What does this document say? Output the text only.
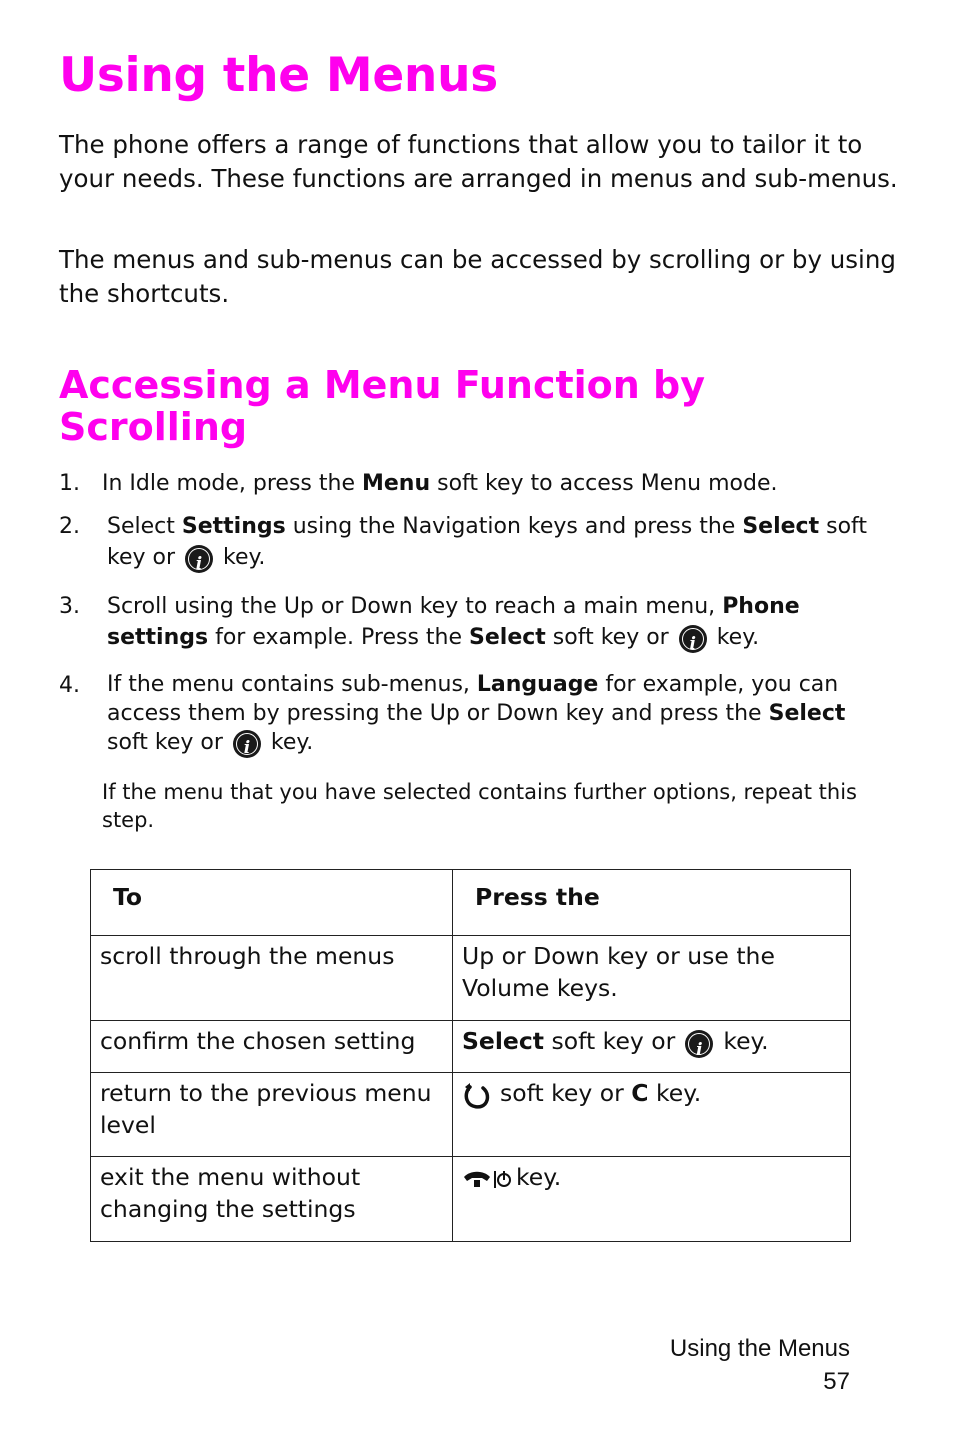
Using the Menus

The phone offers a range of functions that allow you to tailor it to your needs. These functions are arranged in menus and sub-menus.

The menus and sub-menus can be accessed by scrolling or by using the shortcuts.

Accessing a Menu Function by Scrolling
1. In Idle mode, press the Menu soft key to access Menu mode.
2. Select Settings using the Navigation keys and press the Select soft key or i key.
3. Scroll using the Up or Down key to reach a main menu, Phone settings for example. Press the Select soft key or i key.
4. If the menu contains sub-menus, Language for example, you can access them by pressing the Up or Down key and press the Select soft key or i key.

If the menu that you have selected contains further options, repeat this step.

To	Press the
scroll through the menus	Up or Down key or use the Volume keys.
confirm the chosen setting	Select soft key or i key.
return to the previous menu level	soft key or C key.
exit the menu without changing the settings	key.
Using the Menus
57
